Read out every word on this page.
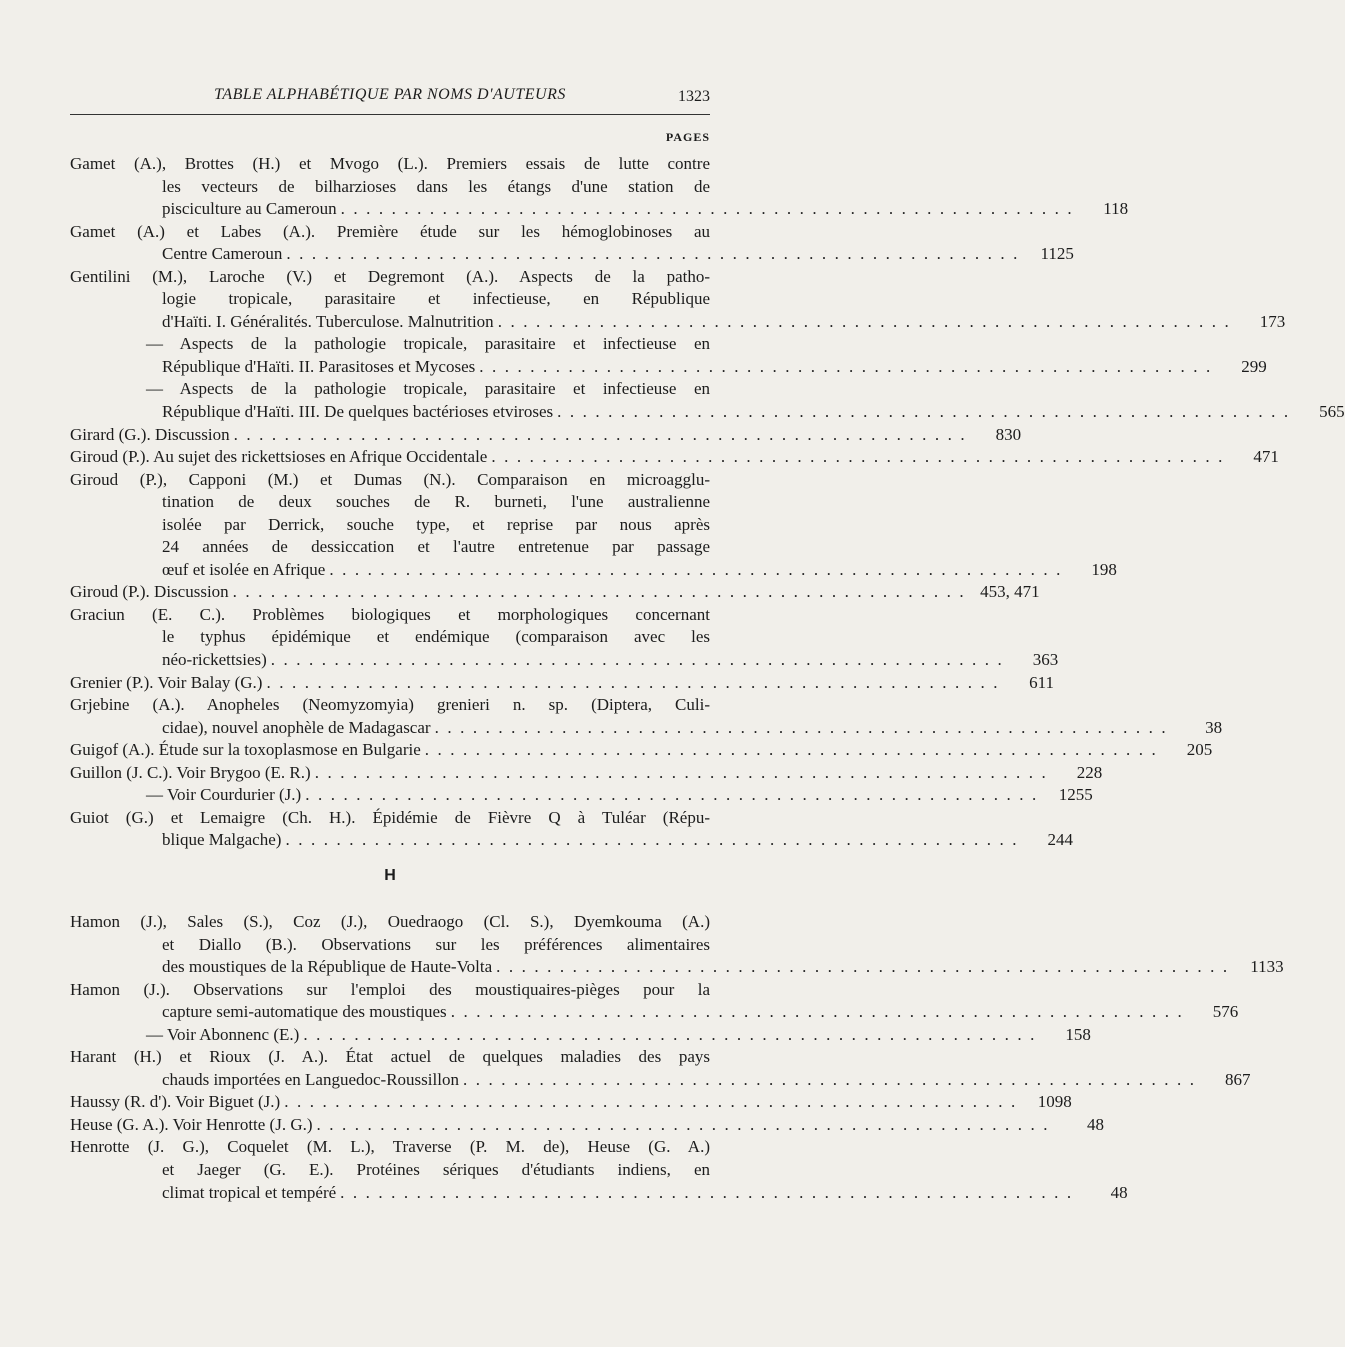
TABLE ALPHABÉTIQUE PAR NOMS D'AUTEURS	1323
PAGES
Gamet (A.), Brottes (H.) et Mvogo (L.). Premiers essais de lutte contre
les vecteurs de bilharzioses dans les étangs d'une station de
pisciculture au Cameroun ..........................................................	118
Gamet (A.) et Labes (A.). Première étude sur les hémoglobinoses au
Centre Cameroun .......................................................... 1125
Gentilini (M.), Laroche (V.) et Degremont (A.). Aspects de la patho-
logie tropicale, parasitaire et infectieuse, en République
d'Haïti. I. Généralités. Tuberculose. Malnutrition ..........................................................	173
— Aspects de la pathologie tropicale, parasitaire et infectieuse en
République d'Haïti. II. Parasitoses et Mycoses ..........................................................	299
— Aspects de la pathologie tropicale, parasitaire et infectieuse en
République d'Haïti. III. De quelques bactérioses etviroses ..........................................................	565
Girard (G.). Discussion ..........................................................	830
Giroud (P.). Au sujet des rickettsioses en Afrique Occidentale ..........................................................	471
Giroud (P.), Capponi (M.) et Dumas (N.). Comparaison en microagglu-
tination de deux souches de R. burneti, l'une australienne
isolée par Derrick, souche type, et reprise par nous après
24 années de dessiccation et l'autre entretenue par passage
œuf et isolée en Afrique ..........................................................	198
Giroud (P.). Discussion .......................................................... 453, 471
Graciun (E. C.). Problèmes biologiques et morphologiques concernant
le typhus épidémique et endémique (comparaison avec les
néo-rickettsies) ..........................................................	363
Grenier (P.). Voir Balay (G.) ..........................................................	611
Grjebine (A.). Anopheles (Neomyzomyia) grenieri n. sp. (Diptera, Culi-
cidae), nouvel anophèle de Madagascar ..........................................................	38
Guigof (A.). Étude sur la toxoplasmose en Bulgarie ..........................................................	205
Guillon (J. C.). Voir Brygoo (E. R.) ..........................................................	228
— Voir Courdurier (J.) .......................................................... 1255
Guiot (G.) et Lemaigre (Ch. H.). Épidémie de Fièvre Q à Tuléar (Répu-
blique Malgache) ..........................................................	244
H
Hamon (J.), Sales (S.), Coz (J.), Ouedraogo (Cl. S.), Dyemkouma (A.)
et Diallo (B.). Observations sur les préférences alimentaires
des moustiques de la République de Haute-Volta .......................................................... 1133
Hamon (J.). Observations sur l'emploi des moustiquaires-pièges pour la
capture semi-automatique des moustiques ..........................................................	576
— Voir Abonnenc (E.) ..........................................................	158
Harant (H.) et Rioux (J. A.). État actuel de quelques maladies des pays
chauds importées en Languedoc-Roussillon ..........................................................	867
Haussy (R. d'). Voir Biguet (J.) .......................................................... 1098
Heuse (G. A.). Voir Henrotte (J. G.) ..........................................................	48
Henrotte (J. G.), Coquelet (M. L.), Traverse (P. M. de), Heuse (G. A.)
et Jaeger (G. E.). Protéines sériques d'étudiants indiens, en
climat tropical et tempéré ..........................................................	48
